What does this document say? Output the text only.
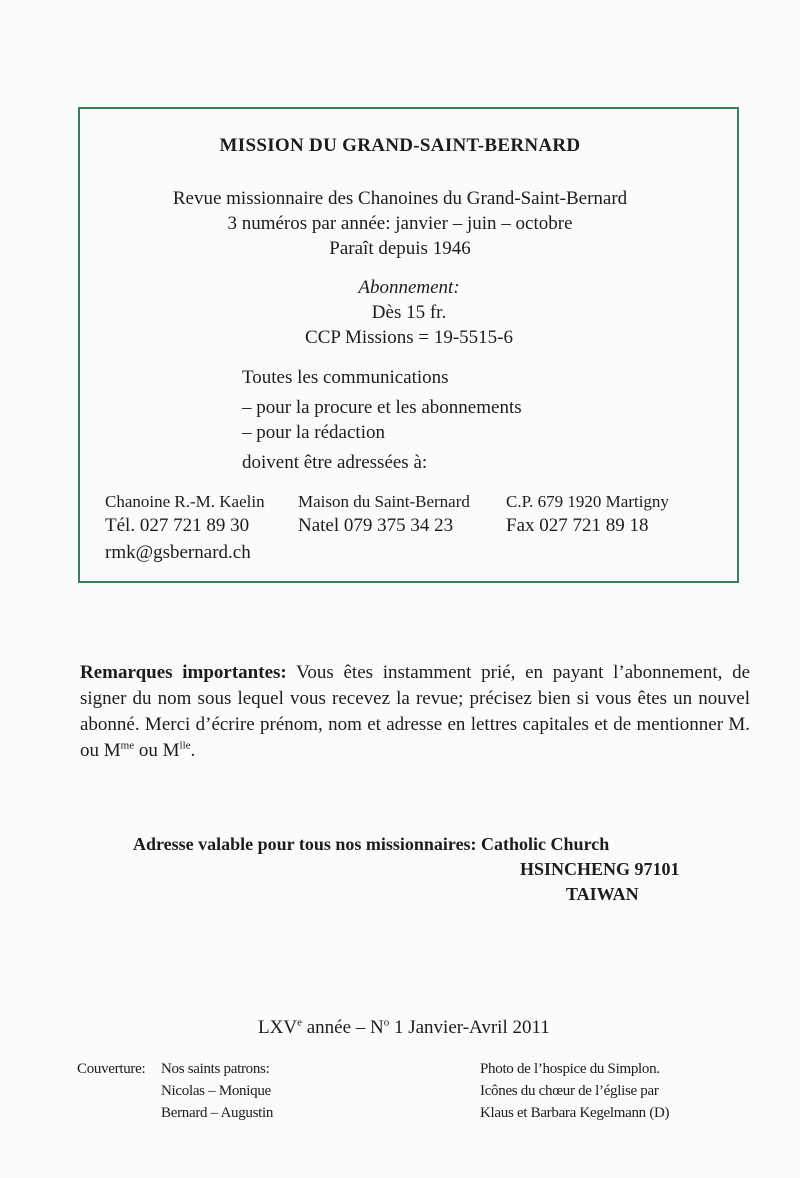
MISSION DU GRAND-SAINT-BERNARD
Revue missionnaire des Chanoines du Grand-Saint-Bernard
3 numéros par année: janvier – juin – octobre
Paraît depuis 1946
Abonnement:
Dès 15 fr.
CCP Missions = 19-5515-6
Toutes les communications
– pour la procure et les abonnements
– pour la rédaction
doivent être adressées à:
Chanoine R.-M. Kaelin Maison du Saint-Bernard C.P. 679 1920 Martigny
Tél. 027 721 89 30	Natel 079 375 34 23	Fax 027 721 89 18
rmk@gsbernard.ch
Remarques importantes: Vous êtes instamment prié, en payant l’abonnement, de signer du nom sous lequel vous recevez la revue; précisez bien si vous êtes un nouvel abonné. Merci d’écrire prénom, nom et adresse en lettres capitales et de mentionner M. ou $M^{me}$ ou $M^{lle}$.
Adresse valable pour tous nos missionnaires: Catholic Church
HSINCHENG 97101
TAIWAN
LXVe année – $N^o$ 1 Janvier-Avril 2011
Couverture: Nos saints patrons:
Nicolas – Monique
Bernard – Augustin
Photo de l’hospice du Simplon.
Icônes du chœur de l’église par
Klaus et Barbara Kegelmann (D)
